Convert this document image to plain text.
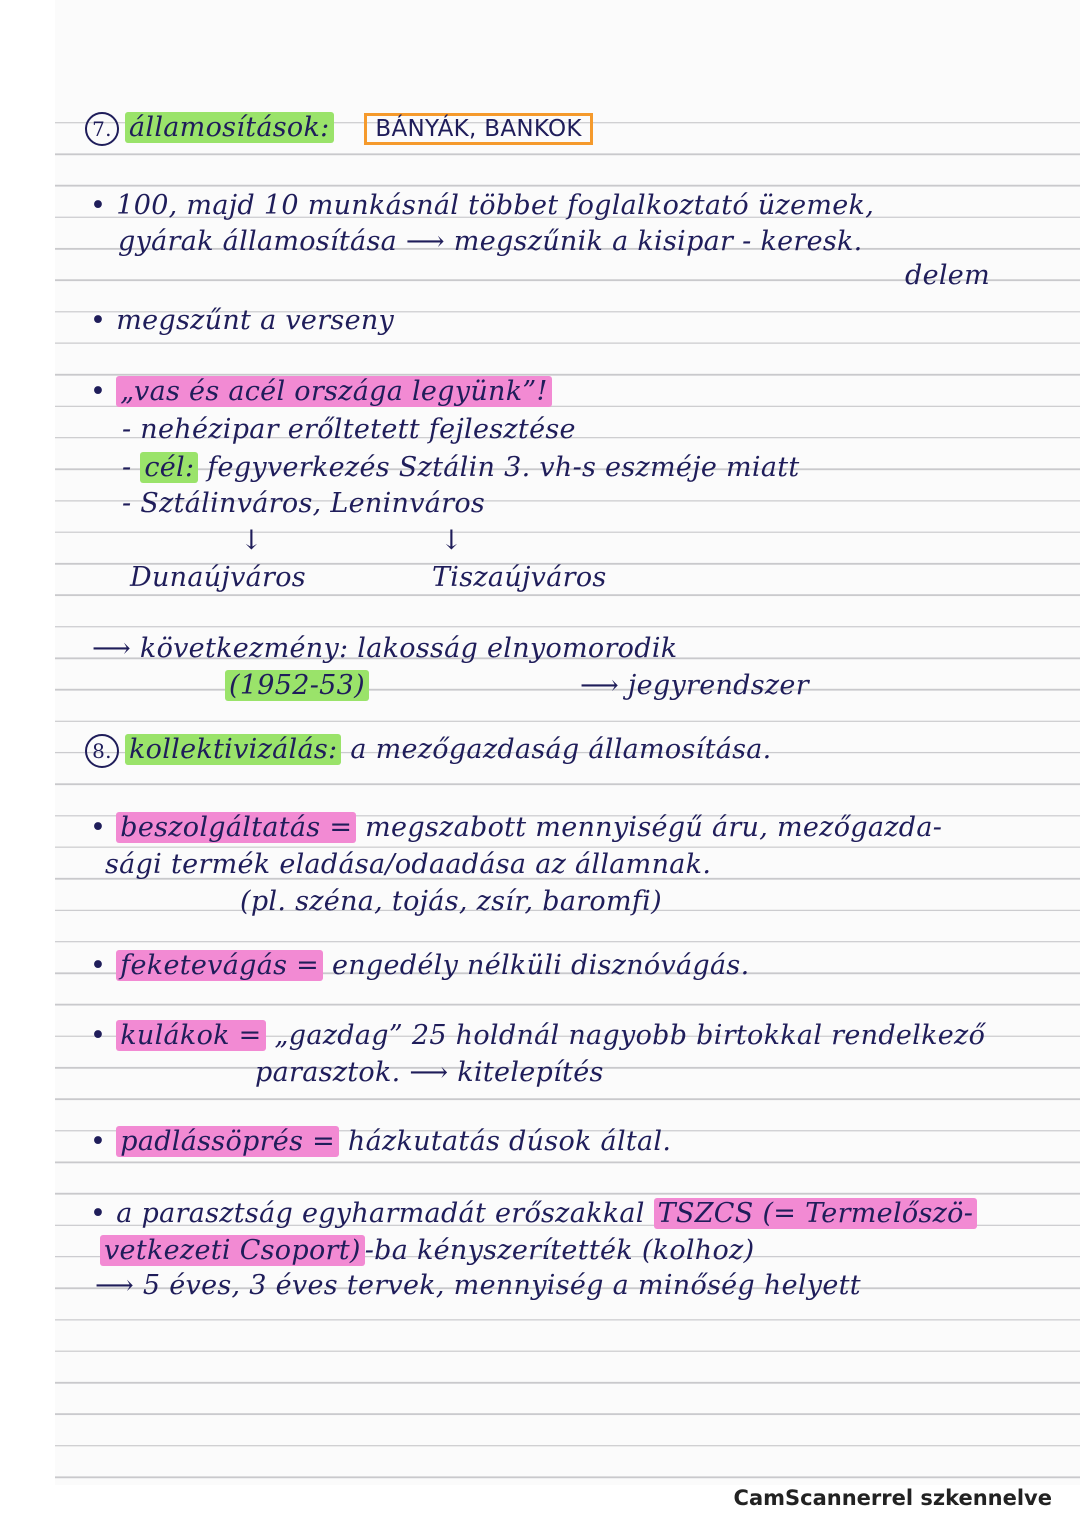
7. államosítások: BÁNYÁK, BANKOK
• 100, majd 10 munkásnál többet foglalkoztató üzemek,
gyárak államosítása ⟶ megszűnik a kisipar - keresk.
delem
• megszűnt a verseny
• „vas és acél országa legyünk”!
- nehézipar erőltetett fejlesztése
- cél: fegyverkezés Sztálin 3. vh-s eszméje miatt
- Sztálinváros, Leninváros
↓	↓
Dunaújváros	Tiszaújváros
⟶ következmény: lakosság elnyomorodik
(1952-53)	⟶ jegyrendszer
8. kollektivizálás: a mezőgazdaság államosítása.
• beszolgáltatás = megszabott mennyiségű áru, mezőgazda-
sági termék eladása/odaadása az államnak.
(pl. széna, tojás, zsír, baromfi)
• feketevágás = engedély nélküli disznóvágás.
• kulákok = „gazdag” 25 holdnál nagyobb birtokkal rendelkező
parasztok. ⟶ kitelepítés
• padlássöprés = házkutatás dúsok által.
• a parasztság egyharmadát erőszakkal TSZCS (= Termelőszö-
vetkezeti Csoport) -ba kényszerítették (kolhoz)
⟶ 5 éves, 3 éves tervek, mennyiség a minőség helyett
CamScannerrel szkennelve
